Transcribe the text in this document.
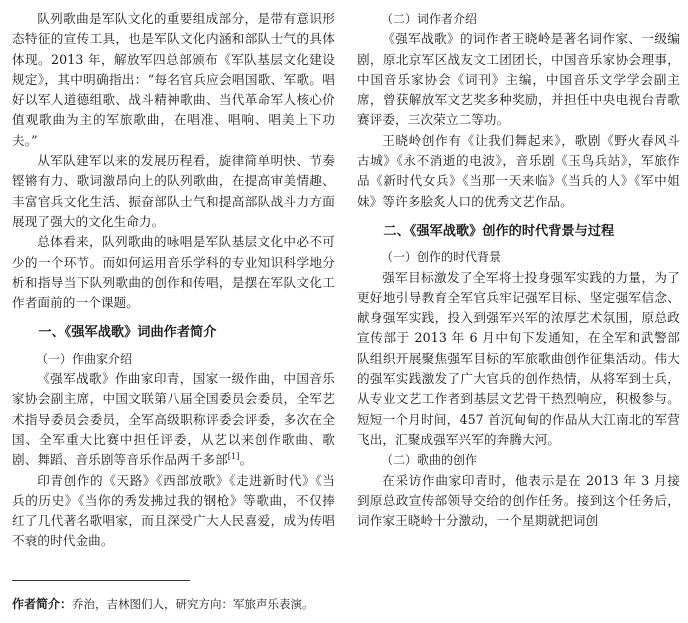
队列歌曲是军队文化的重要组成部分，是带有意识形态特征的宣传工具，也是军队文化内涵和部队士气的具体体现。2013 年，解放军四总部颁布《军队基层文化建设规定》，其中明确指出：“每名官兵应会唱国歌、军歌。唱好以军人道德组歌、战斗精神歌曲、当代革命军人核心价值观歌曲为主的军旅歌曲，在唱准、唱响、唱美上下功夫。”

从军队建军以来的发展历程看，旋律简单明快、节奏铿锵有力、歌词激昂向上的队列歌曲，在提高审美情趣、丰富官兵文化生活、振奋部队士气和提高部队战斗力方面展现了强大的文化生命力。

总体看来，队列歌曲的咏唱是军队基层文化中必不可少的一个环节。而如何运用音乐学科的专业知识科学地分析和指导当下队列歌曲的创作和传唱，是摆在军队文化工作者面前的一个课题。

一、《强军战歌》词曲作者简介
（一）作曲家介绍

《强军战歌》作曲家印青，国家一级作曲，中国音乐家协会副主席，中国文联第八届全国委员会委员，全军艺术指导委员会委员，全军高级职称评委会评委，多次在全国、全军重大比赛中担任评委，从艺以来创作歌曲、歌剧、舞蹈、音乐剧等音乐作品两千多部[1]。

印青创作的《天路》《西部放歌》《走进新时代》《当兵的历史》《当你的秀发拂过我的钢枪》等歌曲，不仅捧红了几代著名歌唱家，而且深受广大人民喜爱，成为传唱不衰的时代金曲。

（二）词作者介绍

《强军战歌》的词作者王晓岭是著名词作家、一级编剧，原北京军区战友文工团团长，中国音乐家协会理事，中国音乐家协会《词刊》主编，中国音乐文学学会副主席，曾获解放军文艺奖多种奖励，并担任中央电视台青歌赛评委，三次荣立二等功。

王晓岭创作有《让我们舞起来》，歌剧《野火春风斗古城》《永不消逝的电波》，音乐剧《玉鸟兵站》，军旅作品《新时代女兵》《当那一天来临》《当兵的人》《军中姐妹》等许多脍炙人口的优秀文艺作品。

二、《强军战歌》创作的时代背景与过程
（一）创作的时代背景

强军目标激发了全军将士投身强军实践的力量，为了更好地引导教育全军官兵牢记强军目标、坚定强军信念、献身强军实践，投入到强军兴军的浓厚艺术氛围，原总政宣传部于 2013 年 6 月中旬下发通知，在全军和武警部队组织开展聚焦强军目标的军旅歌曲创作征集活动。伟大的强军实践激发了广大官兵的创作热情，从将军到士兵，从专业文艺工作者到基层文艺骨干热烈响应，积极参与。短短一个月时间，457 首沉甸甸的作品从大江南北的军营飞出，汇聚成强军兴军的奔腾大河。

（二）歌曲的创作

在采访作曲家印青时，他表示是在 2013 年 3 月接到原总政宣传部领导交给的创作任务。接到这个任务后，词作家王晓岭十分激动，一个星期就把词创

作者简介：乔治，吉林图们人，研究方向：军旅声乐表演。
